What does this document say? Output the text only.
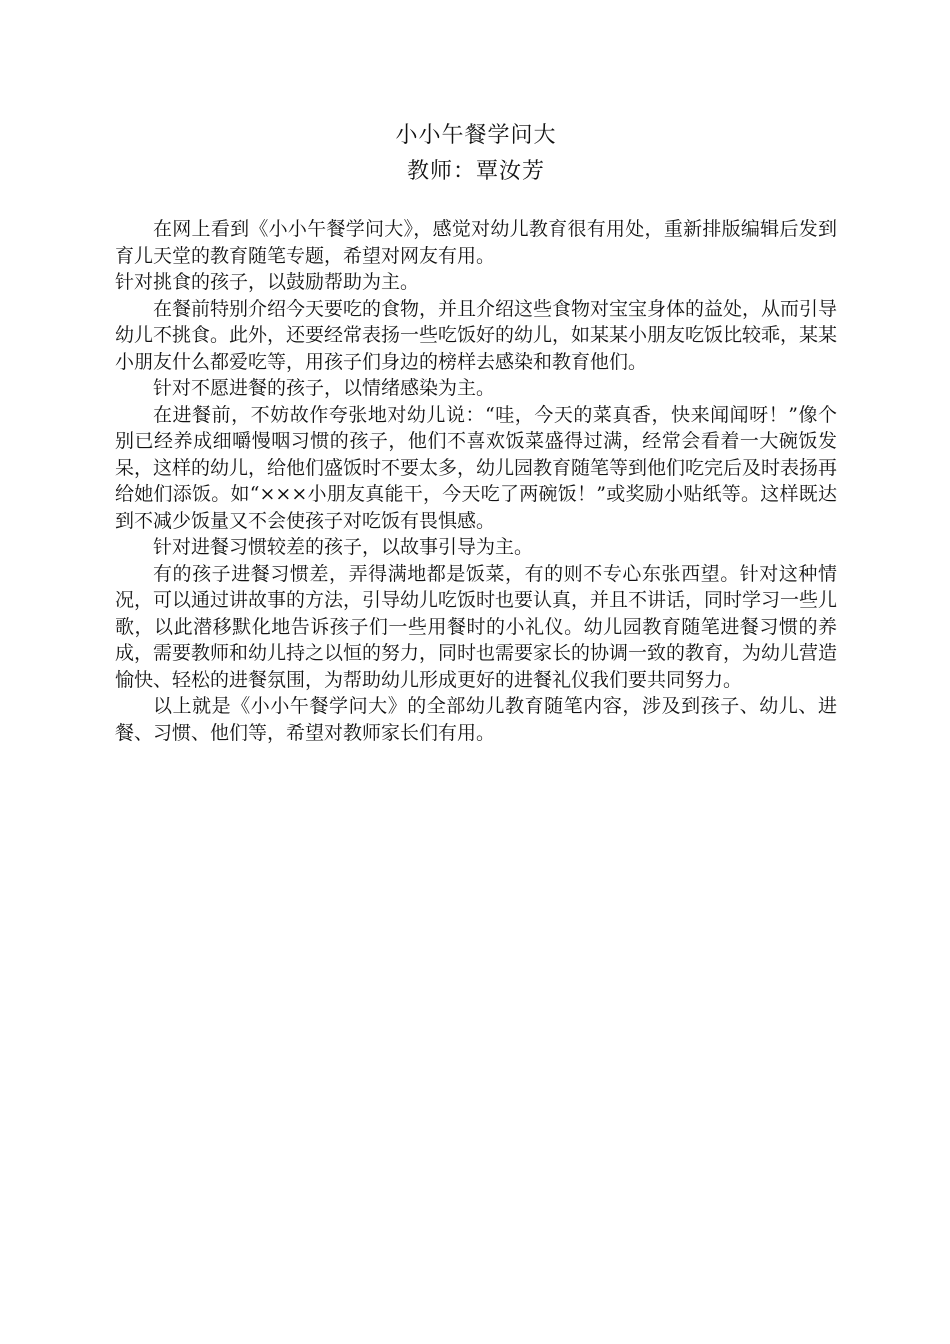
小小午餐学问大
教师：覃汝芳

在网上看到《小小午餐学问大》，感觉对幼儿教育很有用处，重新排版编辑后发到育儿天堂的教育随笔专题，希望对网友有用。

针对挑食的孩子，以鼓励帮助为主。

在餐前特别介绍今天要吃的食物，并且介绍这些食物对宝宝身体的益处，从而引导幼儿不挑食。此外，还要经常表扬一些吃饭好的幼儿，如某某小朋友吃饭比较乖，某某小朋友什么都爱吃等，用孩子们身边的榜样去感染和教育他们。

针对不愿进餐的孩子，以情绪感染为主。

在进餐前，不妨故作夸张地对幼儿说：“哇，今天的菜真香，快来闻闻呀！”像个别已经养成细嚼慢咽习惯的孩子，他们不喜欢饭菜盛得过满，经常会看着一大碗饭发呆，这样的幼儿，给他们盛饭时不要太多，幼儿园教育随笔等到他们吃完后及时表扬再给她们添饭。如“×××小朋友真能干，今天吃了两碗饭！”或奖励小贴纸等。这样既达到不减少饭量又不会使孩子对吃饭有畏惧感。

针对进餐习惯较差的孩子，以故事引导为主。

有的孩子进餐习惯差，弄得满地都是饭菜，有的则不专心东张西望。针对这种情况，可以通过讲故事的方法，引导幼儿吃饭时也要认真，并且不讲话，同时学习一些儿歌，以此潜移默化地告诉孩子们一些用餐时的小礼仪。幼儿园教育随笔进餐习惯的养成，需要教师和幼儿持之以恒的努力，同时也需要家长的协调一致的教育，为幼儿营造愉快、轻松的进餐氛围，为帮助幼儿形成更好的进餐礼仪我们要共同努力。

以上就是《小小午餐学问大》的全部幼儿教育随笔内容，涉及到孩子、幼儿、进餐、习惯、他们等，希望对教师家长们有用。
